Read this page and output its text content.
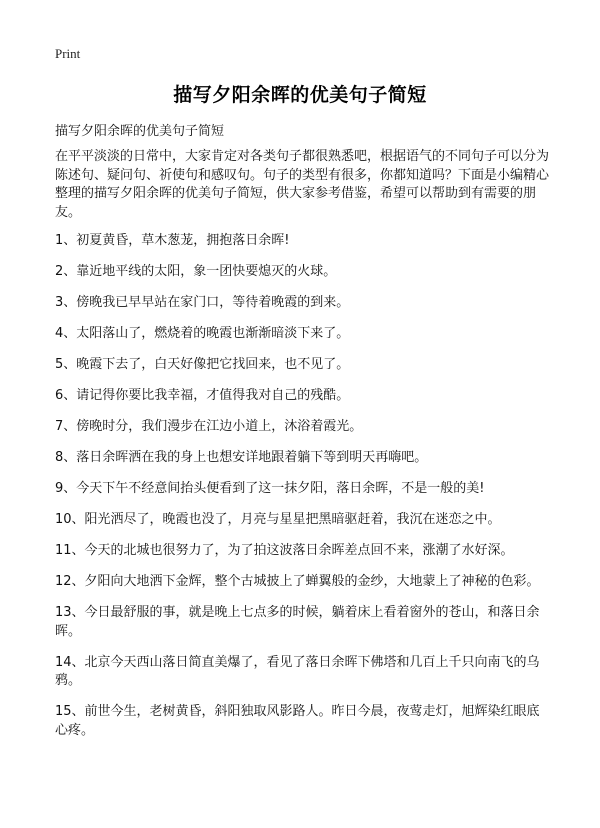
Print
描写夕阳余晖的优美句子简短
描写夕阳余晖的优美句子简短
在平平淡淡的日常中，大家肯定对各类句子都很熟悉吧，根据语气的不同句子可以分为陈述句、疑问句、祈使句和感叹句。句子的类型有很多，你都知道吗？下面是小编精心整理的描写夕阳余晖的优美句子简短，供大家参考借鉴，希望可以帮助到有需要的朋友。
1、初夏黄昏，草木葱茏，拥抱落日余晖!
2、靠近地平线的太阳，象一团快要熄灭的火球。
3、傍晚我已早早站在家门口，等待着晚霞的到来。
4、太阳落山了，燃烧着的晚霞也渐渐暗淡下来了。
5、晚霞下去了，白天好像把它找回来，也不见了。
6、请记得你要比我幸福，才值得我对自己的残酷。
7、傍晚时分，我们漫步在江边小道上，沐浴着霞光。
8、落日余晖洒在我的身上也想安详地跟着躺下等到明天再嗨吧。
9、今天下午不经意间抬头便看到了这一抹夕阳，落日余晖，不是一般的美!
10、阳光洒尽了，晚霞也没了，月亮与星星把黑暗驱赶着，我沉在迷恋之中。
11、今天的北城也很努力了，为了拍这波落日余晖差点回不来，涨潮了水好深。
12、夕阳向大地洒下金辉，整个古城披上了蝉翼般的金纱，大地蒙上了神秘的色彩。
13、今日最舒服的事，就是晚上七点多的时候，躺着床上看着窗外的苍山，和落日余晖。
14、北京今天西山落日简直美爆了，看见了落日余晖下佛塔和几百上千只向南飞的乌鸦。
15、前世今生，老树黄昏，斜阳独取风影路人。昨日今晨，夜莺走灯，旭辉染红眼底心疼。
